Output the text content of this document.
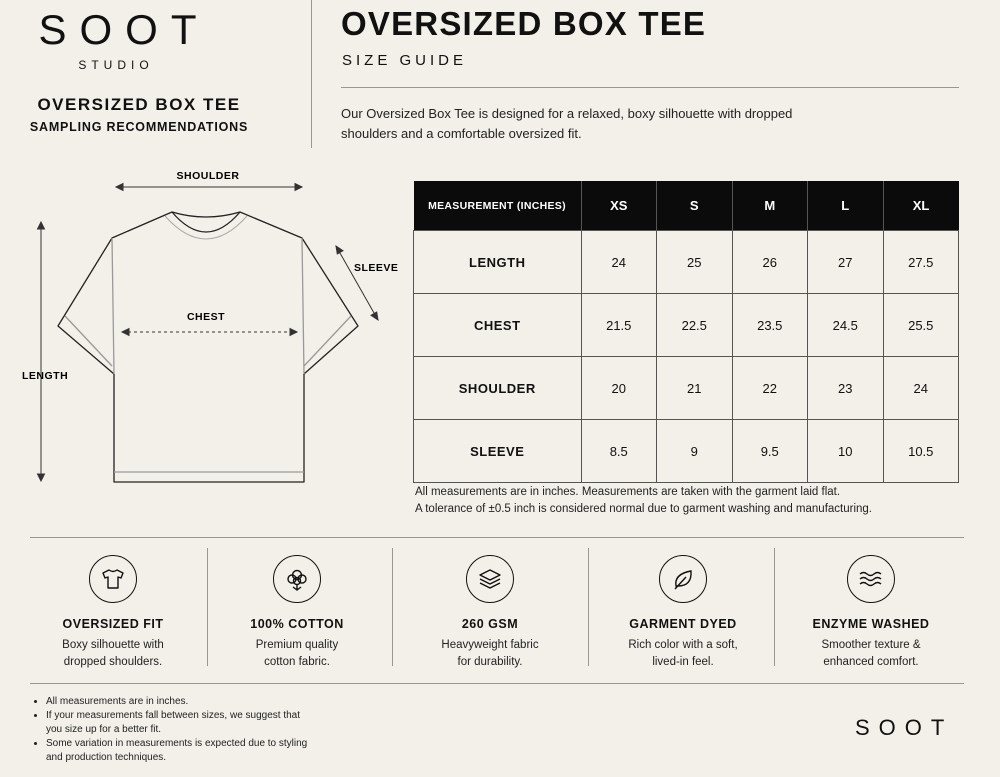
SOOT
STUDIO
OVERSIZED BOX TEE
SAMPLING RECOMMENDATIONS
OVERSIZED BOX TEE
SIZE GUIDE
Our Oversized Box Tee is designed for a relaxed, boxy silhouette with dropped shoulders and a comfortable oversized fit.
SHOULDER
CHEST
SLEEVE
LENGTH
MEASUREMENT (INCHES)	XS	S	M	L	XL
LENGTH	24	25	26	27	27.5
CHEST	21.5	22.5	23.5	24.5	25.5
SHOULDER	20	21	22	23	24
SLEEVE	8.5	9	9.5	10	10.5
All measurements are in inches. Measurements are taken with the garment laid flat.
A tolerance of ±0.5 inch is considered normal due to garment washing and manufacturing.
OVERSIZED FIT
Boxy silhouette with
dropped shoulders.
100% COTTON
Premium quality
cotton fabric.
260 GSM
Heavyweight fabric
for durability.
GARMENT DYED
Rich color with a soft,
lived-in feel.
ENZYME WASHED
Smoother texture &
enhanced comfort.
• All measurements are in inches.
• If your measurements fall between sizes, we suggest that you size up for a better fit.
• Some variation in measurements is expected due to styling and production techniques.
SOOT
